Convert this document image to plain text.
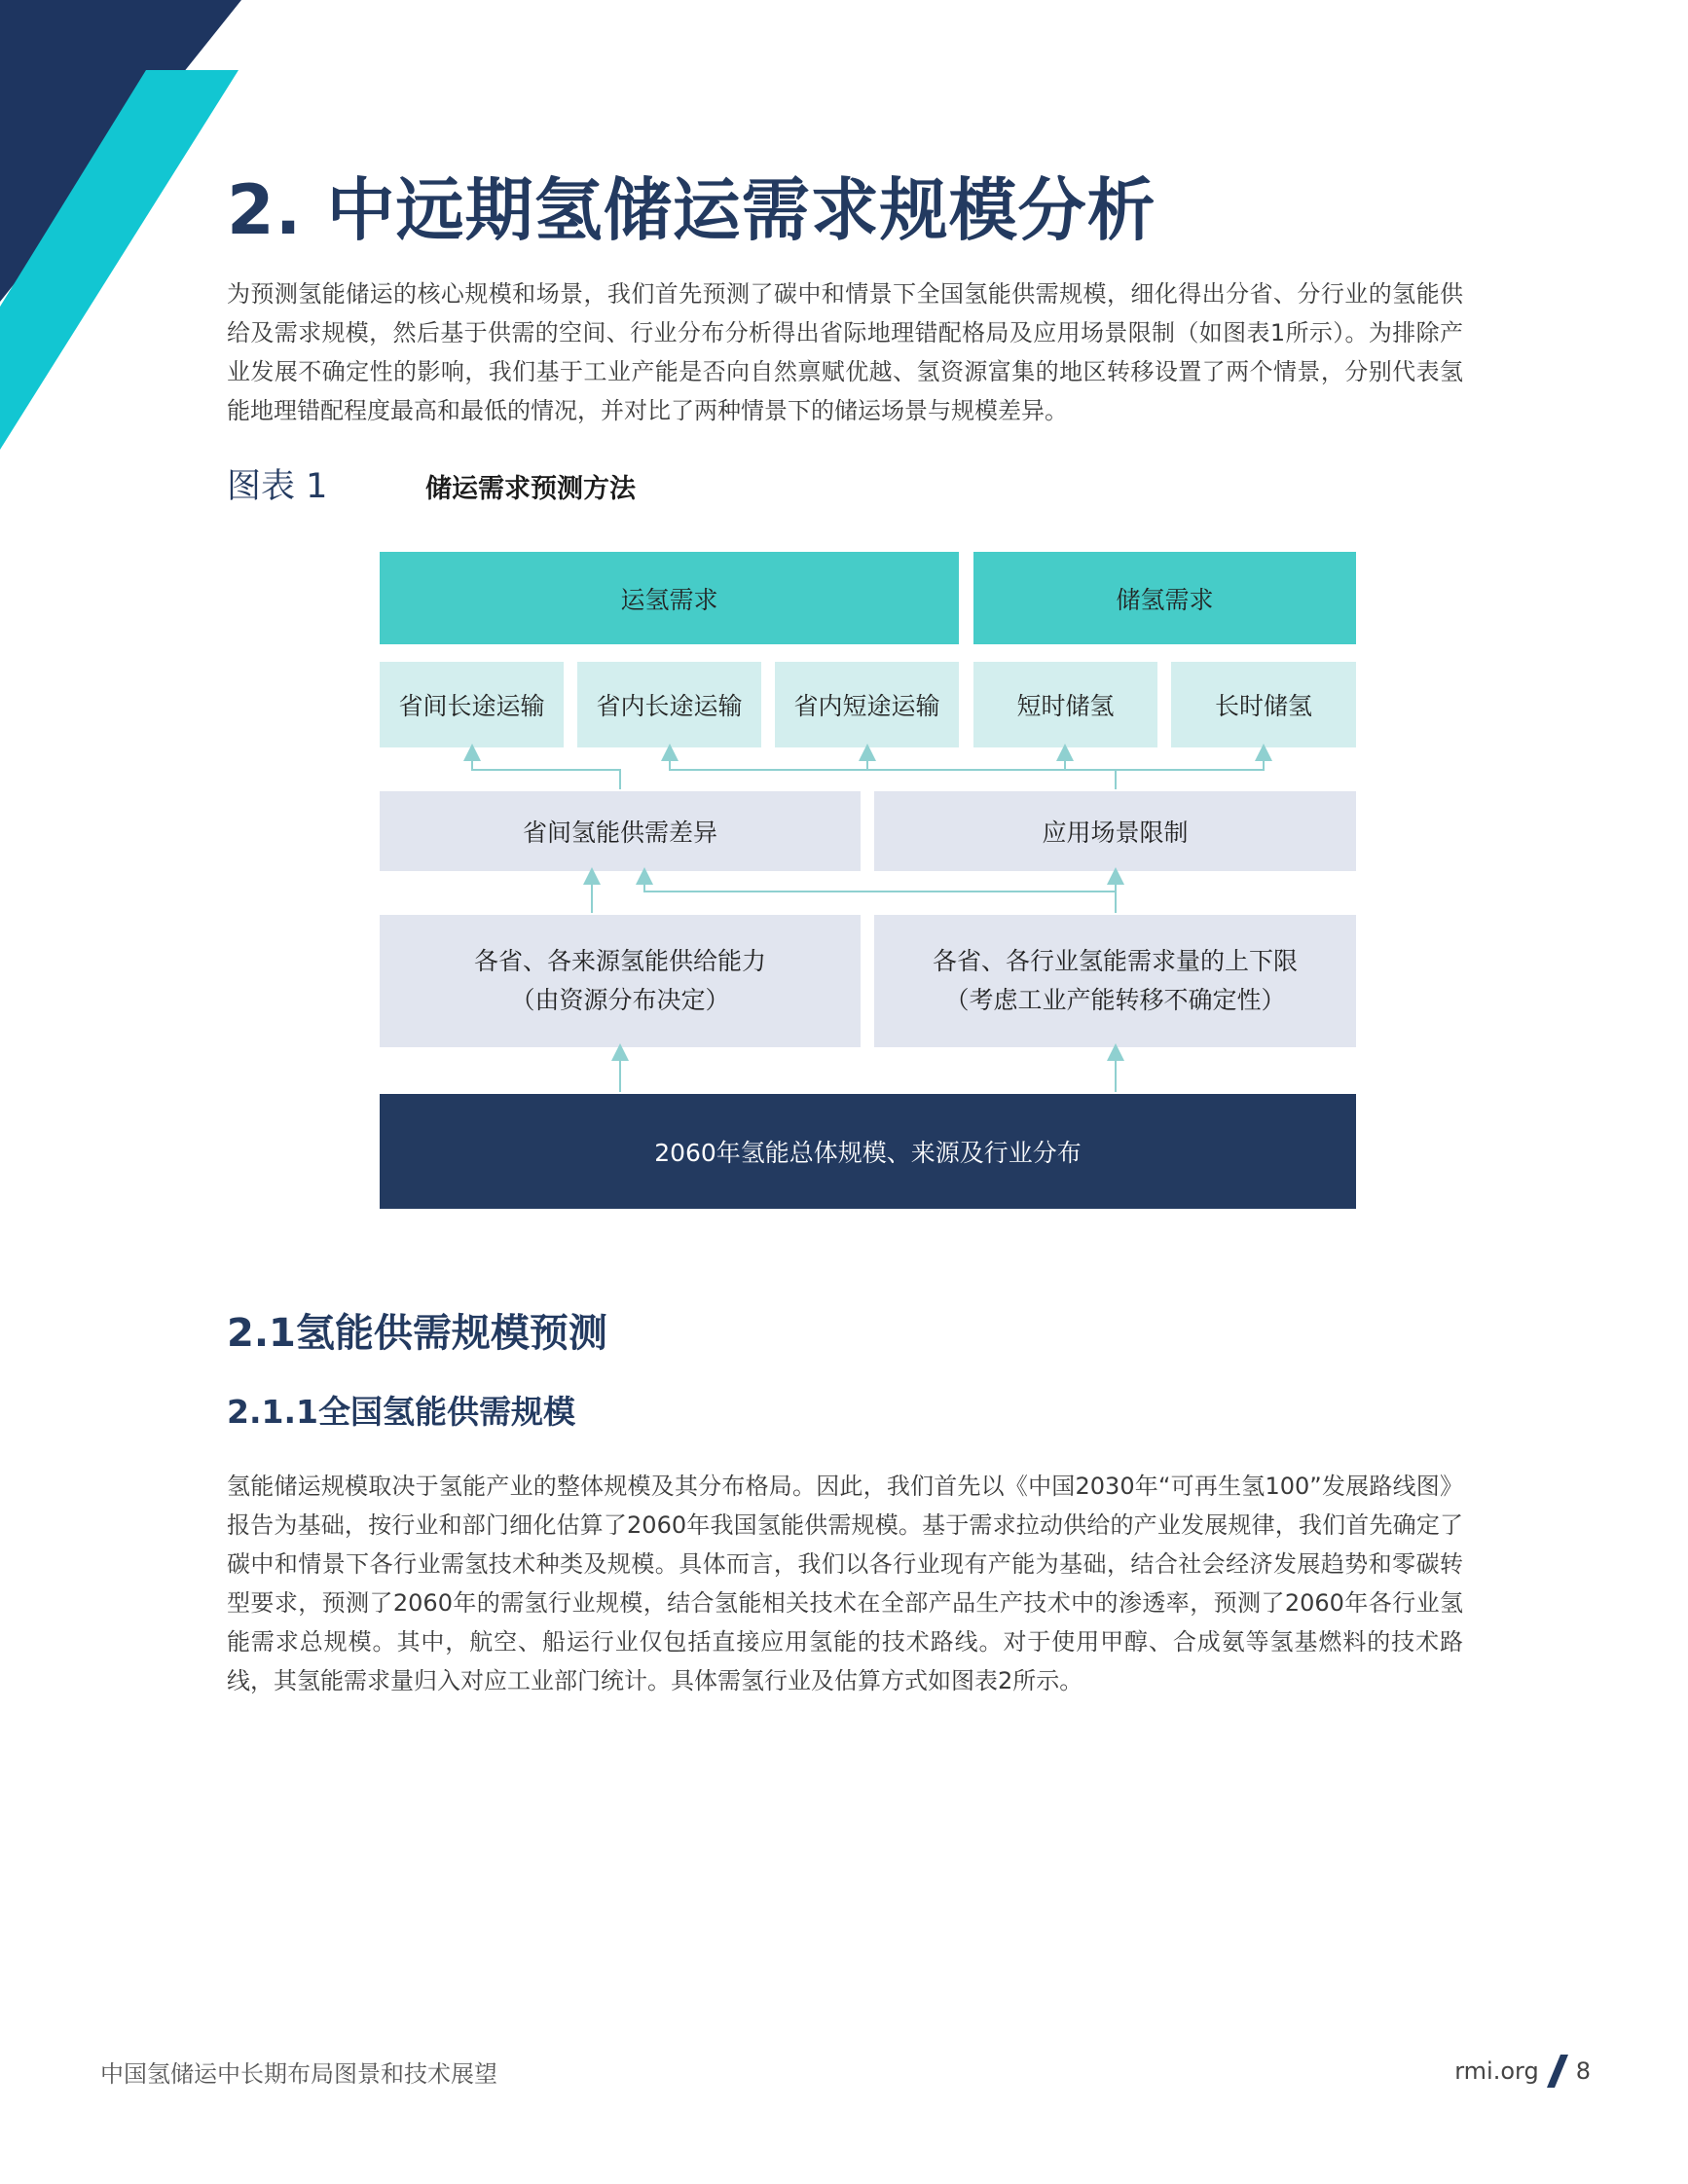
2. 中远期氢储运需求规模分析

为预测氢能储运的核心规模和场景，我们首先预测了碳中和情景下全国氢能供需规模，细化得出分省、分行业的氢能供给及需求规模，然后基于供需的空间、行业分布分析得出省际地理错配格局及应用场景限制（如图表1所示）。为排除产业发展不确定性的影响，我们基于工业产能是否向自然禀赋优越、氢资源富集的地区转移设置了两个情景，分别代表氢能地理错配程度最高和最低的情况，并对比了两种情景下的储运场景与规模差异。

图表 1	储运需求预测方法
运氢需求	储氢需求
省间长途运输	省内长途运输	省内短途运输	短时储氢	长时储氢
省间氢能供需差异	应用场景限制
各省、各来源氢能供给能力
（由资源分布决定）
各省、各行业氢能需求量的上下限
（考虑工业产能转移不确定性）
2060年氢能总体规模、来源及行业分布
2.1氢能供需规模预测
2.1.1全国氢能供需规模

氢能储运规模取决于氢能产业的整体规模及其分布格局。因此，我们首先以《中国2030年“可再生氢100”发展路线图》报告为基础，按行业和部门细化估算了2060年我国氢能供需规模。基于需求拉动供给的产业发展规律，我们首先确定了碳中和情景下各行业需氢技术种类及规模。具体而言，我们以各行业现有产能为基础，结合社会经济发展趋势和零碳转型要求，预测了2060年的需氢行业规模，结合氢能相关技术在全部产品生产技术中的渗透率，预测了2060年各行业氢能需求总规模。其中，航空、船运行业仅包括直接应用氢能的技术路线。对于使用甲醇、合成氨等氢基燃料的技术路线，其氢能需求量归入对应工业部门统计。具体需氢行业及估算方式如图表2所示。

中国氢储运中长期布局图景和技术展望	rmi.org 8
